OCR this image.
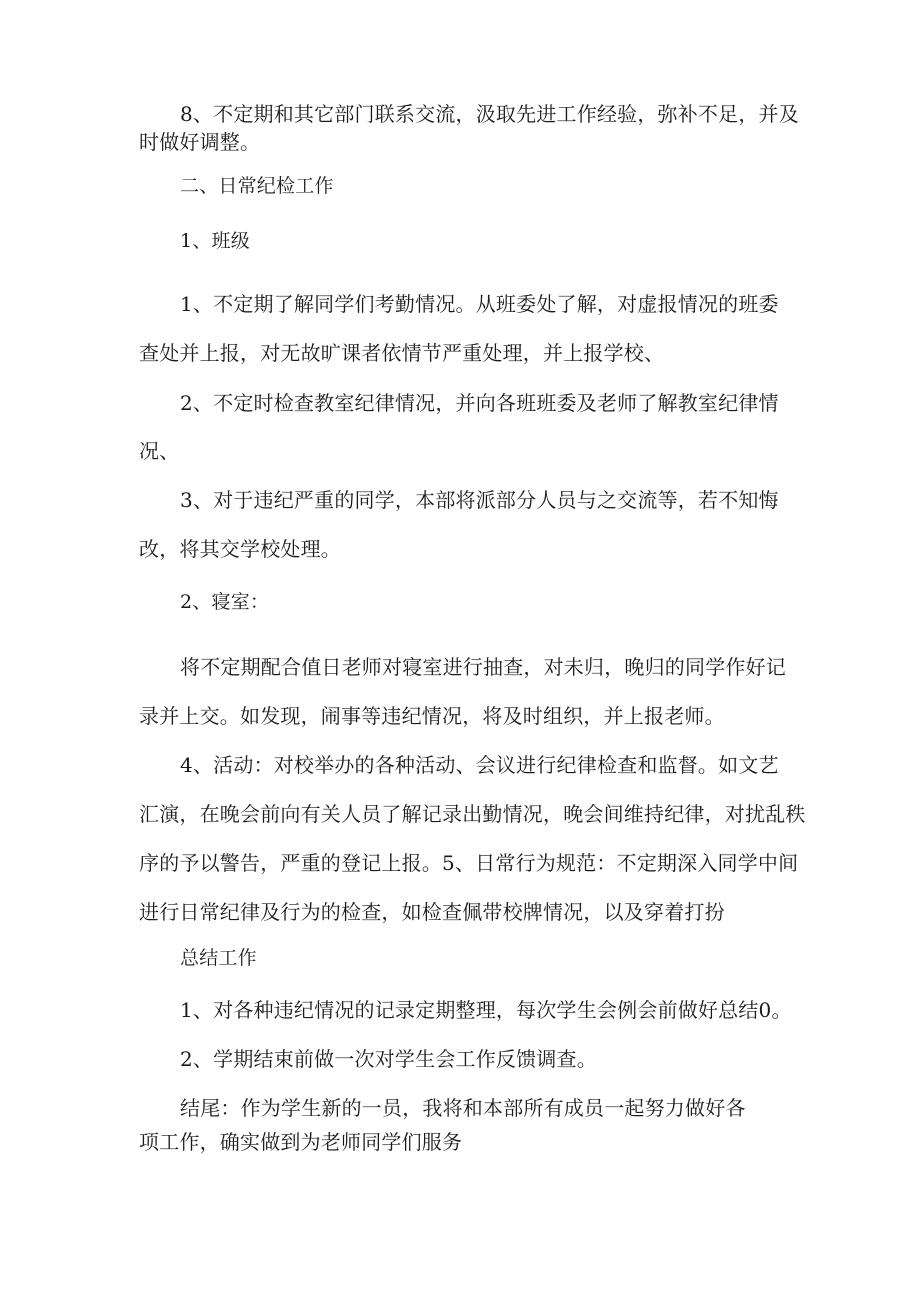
8、不定期和其它部门联系交流，汲取先进工作经验，弥补不足，并及
时做好调整。
二、日常纪检工作
1、班级
1、不定期了解同学们考勤情况。从班委处了解，对虚报情况的班委
查处并上报，对无故旷课者依情节严重处理，并上报学校、
2、不定时检查教室纪律情况，并向各班班委及老师了解教室纪律情
况、
3、对于违纪严重的同学，本部将派部分人员与之交流等，若不知悔
改，将其交学校处理。
2、寝室：
将不定期配合值日老师对寝室进行抽查，对未归，晚归的同学作好记
录并上交。如发现，闹事等违纪情况，将及时组织，并上报老师。
4、活动：对校举办的各种活动、会议进行纪律检查和监督。如文艺
汇演，在晚会前向有关人员了解记录出勤情况，晚会间维持纪律，对扰乱秩
序的予以警告，严重的登记上报。5、日常行为规范：不定期深入同学中间
进行日常纪律及行为的检查，如检查佩带校牌情况，以及穿着打扮
总结工作
1、对各种违纪情况的记录定期整理，每次学生会例会前做好总结0。
2、学期结束前做一次对学生会工作反馈调查。
结尾：作为学生新的一员，我将和本部所有成员一起努力做好各
项工作，确实做到为老师同学们服务
